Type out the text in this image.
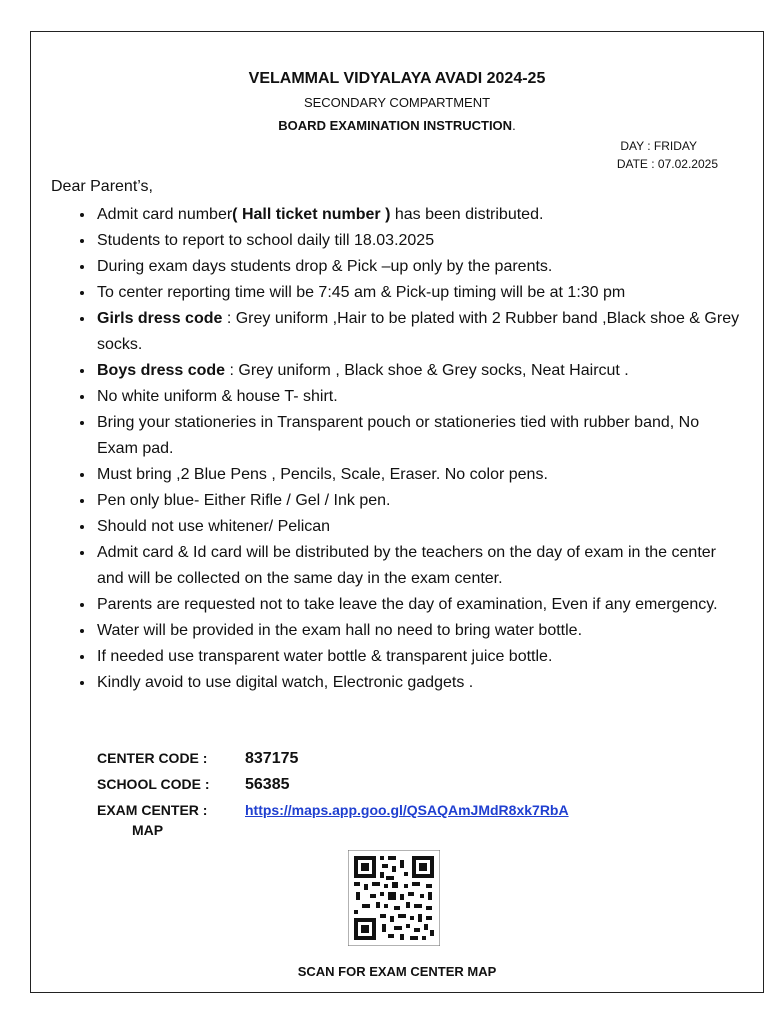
VELAMMAL VIDYALAYA AVADI 2024-25
SECONDARY COMPARTMENT
BOARD EXAMINATION INSTRUCTION.
DAY : FRIDAY
DATE : 07.02.2025
Dear Parent’s,
• Admit card number( Hall ticket number ) has been distributed.
• Students to report to school daily till 18.03.2025
• During exam days students drop & Pick –up only by the parents.
• To center reporting time will be 7:45 am & Pick-up timing will be at 1:30 pm
• Girls dress code : Grey uniform ,Hair to be plated with 2 Rubber band ,Black shoe & Grey socks.
• Boys dress code : Grey uniform , Black shoe & Grey socks, Neat Haircut .
• No white uniform & house T- shirt.
• Bring your stationeries in Transparent pouch or stationeries tied with rubber band, No Exam pad.
• Must bring ,2 Blue Pens , Pencils, Scale, Eraser. No color pens.
• Pen only blue- Either Rifle / Gel / Ink pen.
• Should not use whitener/ Pelican
• Admit card & Id card will be distributed by the teachers on the day of exam in the center and will be collected on the same day in the exam center.
• Parents are requested not to take leave the day of examination, Even if any emergency.
• Water will be provided in the exam hall no need to bring water bottle.
• If needed use transparent water bottle & transparent juice bottle.
• Kindly avoid to use digital watch, Electronic gadgets .
CENTER CODE : 837175
SCHOOL CODE : 56385
EXAM CENTER :	https://maps.app.goo.gl/QSAQAmJMdR8xk7RbA
MAP
SCAN FOR EXAM CENTER MAP
